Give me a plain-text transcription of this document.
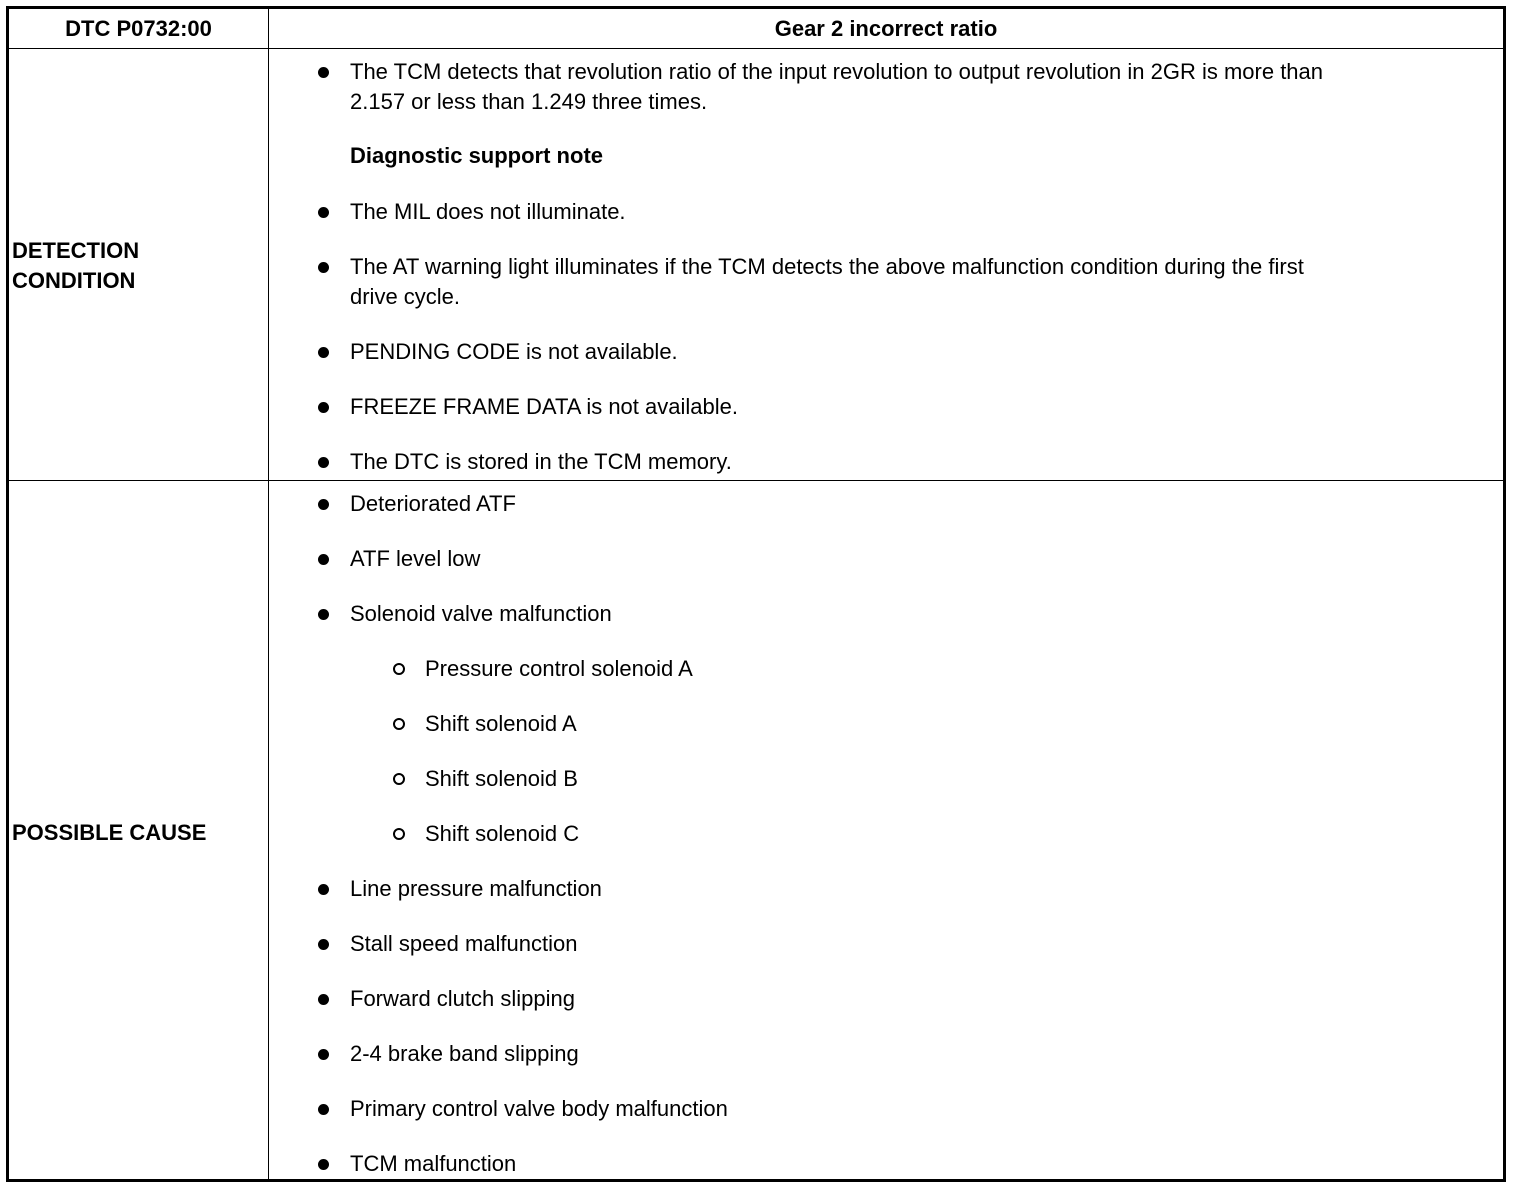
DTC P0732:00	Gear 2 incorrect ratio
DETECTION
CONDITION
The TCM detects that revolution ratio of the input revolution to output revolution in 2GR is more than
2.157 or less than 1.249 three times.
Diagnostic support note
The MIL does not illuminate.
The AT warning light illuminates if the TCM detects the above malfunction condition during the first
drive cycle.
PENDING CODE is not available.
FREEZE FRAME DATA is not available.
The DTC is stored in the TCM memory.
POSSIBLE CAUSE
Deteriorated ATF
ATF level low
Solenoid valve malfunction
Pressure control solenoid A
Shift solenoid A
Shift solenoid B
Shift solenoid C
Line pressure malfunction
Stall speed malfunction
Forward clutch slipping
2-4 brake band slipping
Primary control valve body malfunction
TCM malfunction
